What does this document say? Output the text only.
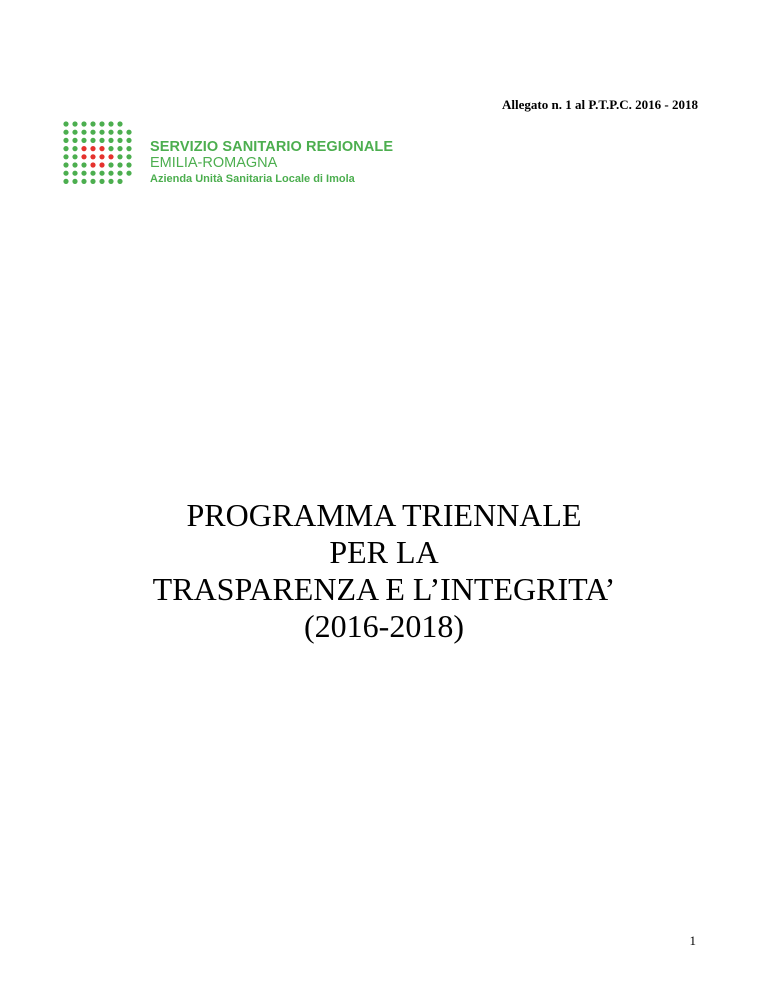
Allegato n. 1 al P.T.P.C. 2016 - 2018
SERVIZIO SANITARIO REGIONALE
EMILIA-ROMAGNA
Azienda Unità Sanitaria Locale di Imola
PROGRAMMA TRIENNALE
PER LA
TRASPARENZA E L’INTEGRITA’
(2016-2018)
1
